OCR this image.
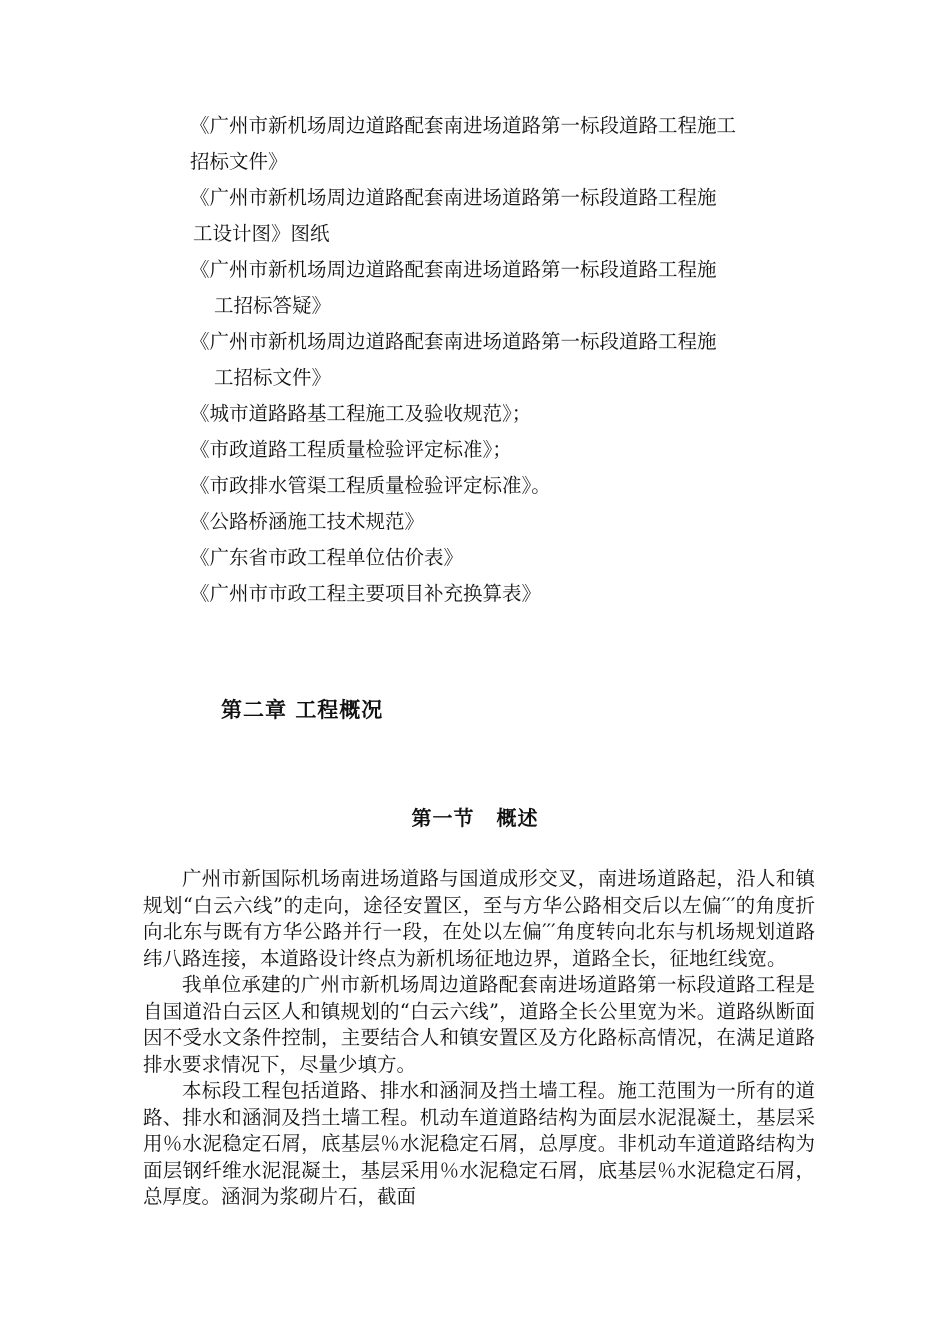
《广州市新机场周边道路配套南进场道路第一标段道路工程施工
招标文件》
《广州市新机场周边道路配套南进场道路第一标段道路工程施
工设计图》图纸
《广州市新机场周边道路配套南进场道路第一标段道路工程施
工招标答疑》
《广州市新机场周边道路配套南进场道路第一标段道路工程施
工招标文件》
《城市道路路基工程施工及验收规范》；
《市政道路工程质量检验评定标准》；
《市政排水管渠工程质量检验评定标准》。
《公路桥涵施工技术规范》
《广东省市政工程单位估价表》
《广州市市政工程主要项目补充换算表》
第二章 工程概况
第一节 概述

广州市新国际机场南进场道路与国道成形交叉，南进场道路起，沿人和镇规划“白云六线”的走向，途径安置区，至与方华公路相交后以左偏′′′的角度折向北东与既有方华公路并行一段，在处以左偏′′′角度转向北东与机场规划道路纬八路连接，本道路设计终点为新机场征地边界，道路全长，征地红线宽。

我单位承建的广州市新机场周边道路配套南进场道路第一标段道路工程是自国道沿白云区人和镇规划的“白云六线”，道路全长公里宽为米。道路纵断面因不受水文条件控制，主要结合人和镇安置区及方化路标高情况，在满足道路排水要求情况下，尽量少填方。

本标段工程包括道路、排水和涵洞及挡土墙工程。施工范围为一所有的道路、排水和涵洞及挡土墙工程。机动车道道路结构为面层水泥混凝土，基层采用％水泥稳定石屑，底基层％水泥稳定石屑，总厚度。非机动车道道路结构为面层钢纤维水泥混凝土，基层采用％水泥稳定石屑，底基层％水泥稳定石屑，总厚度。涵洞为浆砌片石，截面
